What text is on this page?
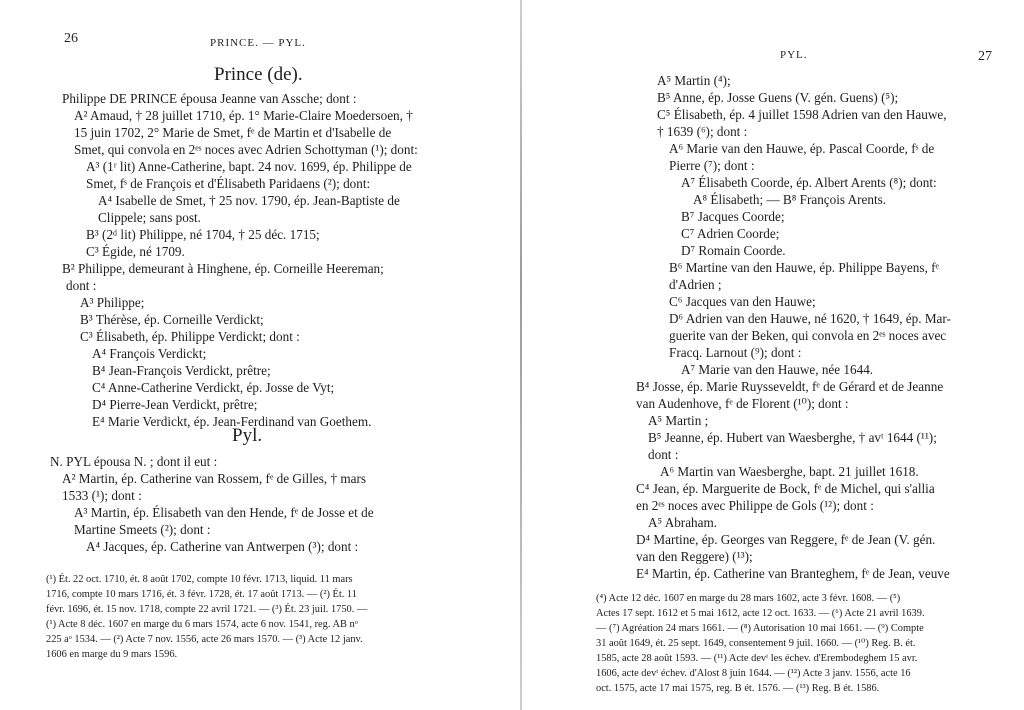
26	PRINCE. — PYL.
Prince (de).
Philippe DE PRINCE épousa Jeanne van Assche; dont :
A² Amaud, † 28 juillet 1710, ép. 1° Marie-Claire Moedersoen, †
15 juin 1702, 2° Marie de Smet, fᵉ de Martin et d'Isabelle de
Smet, qui convola en 2ᵉˢ noces avec Adrien Schottyman (¹); dont:
A³ (1ʳ lit) Anne-Catherine, bapt. 24 nov. 1699, ép. Philippe de
Smet, fˢ de François et d'Élisabeth Paridaens (²); dont:
A⁴ Isabelle de Smet, † 25 nov. 1790, ép. Jean-Baptiste de
Clippele; sans post.
B³ (2ᵈ lit) Philippe, né 1704, † 25 déc. 1715;
C³ Égide, né 1709.
B² Philippe, demeurant à Hinghene, ép. Corneille Heereman;
dont :
A³ Philippe;
B³ Thérèse, ép. Corneille Verdickt;
C³ Élisabeth, ép. Philippe Verdickt; dont :
A⁴ François Verdickt;
B⁴ Jean-François Verdickt, prêtre;
C⁴ Anne-Catherine Verdickt, ép. Josse de Vyt;
D⁴ Pierre-Jean Verdickt, prêtre;
E⁴ Marie Verdickt, ép. Jean-Ferdinand van Goethem.
Pyl.
N. PYL épousa N. ; dont il eut :
A² Martin, ép. Catherine van Rossem, fᵉ de Gilles, † mars
1533 (¹); dont :
A³ Martin, ép. Élisabeth van den Hende, fᵉ de Josse et de
Martine Smeets (²); dont :
A⁴ Jacques, ép. Catherine van Antwerpen (³); dont :
(¹) Ét. 22 oct. 1710, ét. 8 août 1702, compte 10 févr. 1713, liquid. 11 mars
1716, compte 10 mars 1716, ét. 3 févr. 1728, ét. 17 août 1713. — (²) Ét. 11
févr. 1696, ét. 15 nov. 1718, compte 22 avril 1721. — (³) Ét. 23 juil. 1750. —
(¹) Acte 8 déc. 1607 en marge du 6 mars 1574, acte 6 nov. 1541, reg. AB nᵒ
225 aᵒ 1534. — (²) Acte 7 nov. 1556, acte 26 mars 1570. — (³) Acte 12 janv.
1606 en marge du 9 mars 1596.
PYL.	27
A⁵ Martin (⁴);
B⁵ Anne, ép. Josse Guens (V. gén. Guens) (⁵);
C⁵ Élisabeth, ép. 4 juillet 1598 Adrien van den Hauwe,
† 1639 (⁶); dont :
A⁶ Marie van den Hauwe, ép. Pascal Coorde, fˢ de
Pierre (⁷); dont :
A⁷ Élisabeth Coorde, ép. Albert Arents (⁸); dont:
A⁸ Élisabeth; — B⁸ François Arents.
B⁷ Jacques Coorde;
C⁷ Adrien Coorde;
D⁷ Romain Coorde.
B⁶ Martine van den Hauwe, ép. Philippe Bayens, fᵉ
d'Adrien ;
C⁶ Jacques van den Hauwe;
D⁶ Adrien van den Hauwe, né 1620, † 1649, ép. Mar-
guerite van der Beken, qui convola en 2ᵉˢ noces avec
Fracq. Larnout (⁹); dont :
A⁷ Marie van den Hauwe, née 1644.
B⁴ Josse, ép. Marie Ruysseveldt, fᵉ de Gérard et de Jeanne
van Audenhove, fᵉ de Florent (¹⁰); dont :
A⁵ Martin ;
B⁵ Jeanne, ép. Hubert van Waesberghe, † avᵗ 1644 (¹¹);
dont :
A⁶ Martin van Waesberghe, bapt. 21 juillet 1618.
C⁴ Jean, ép. Marguerite de Bock, fᵉ de Michel, qui s'allia
en 2ᵉˢ noces avec Philippe de Gols (¹²); dont :
A⁵ Abraham.
D⁴ Martine, ép. Georges van Reggere, fᵉ de Jean (V. gén.
van den Reggere) (¹³);
E⁴ Martin, ép. Catherine van Branteghem, fᵉ de Jean, veuve
(⁴) Acte 12 déc. 1607 en marge du 28 mars 1602, acte 3 févr. 1608. — (⁵)
Actes 17 sept. 1612 et 5 mai 1612, acte 12 oct. 1633. — (⁶) Acte 21 avril 1639.
— (⁷) Agréation 24 mars 1661. — (⁸) Autorisation 10 mai 1661. — (⁹) Compte
31 août 1649, ét. 25 sept. 1649, consentement 9 juil. 1660. — (¹⁰) Reg. B. ét.
1585, acte 28 août 1593. — (¹¹) Acte devᵗ les échev. d'Erembodeghem 15 avr.
1606, acte devᵗ échev. d'Alost 8 juin 1644. — (¹²) Acte 3 janv. 1556, acte 16
oct. 1575, acte 17 mai 1575, reg. B ét. 1576. — (¹³) Reg. B ét. 1586.
